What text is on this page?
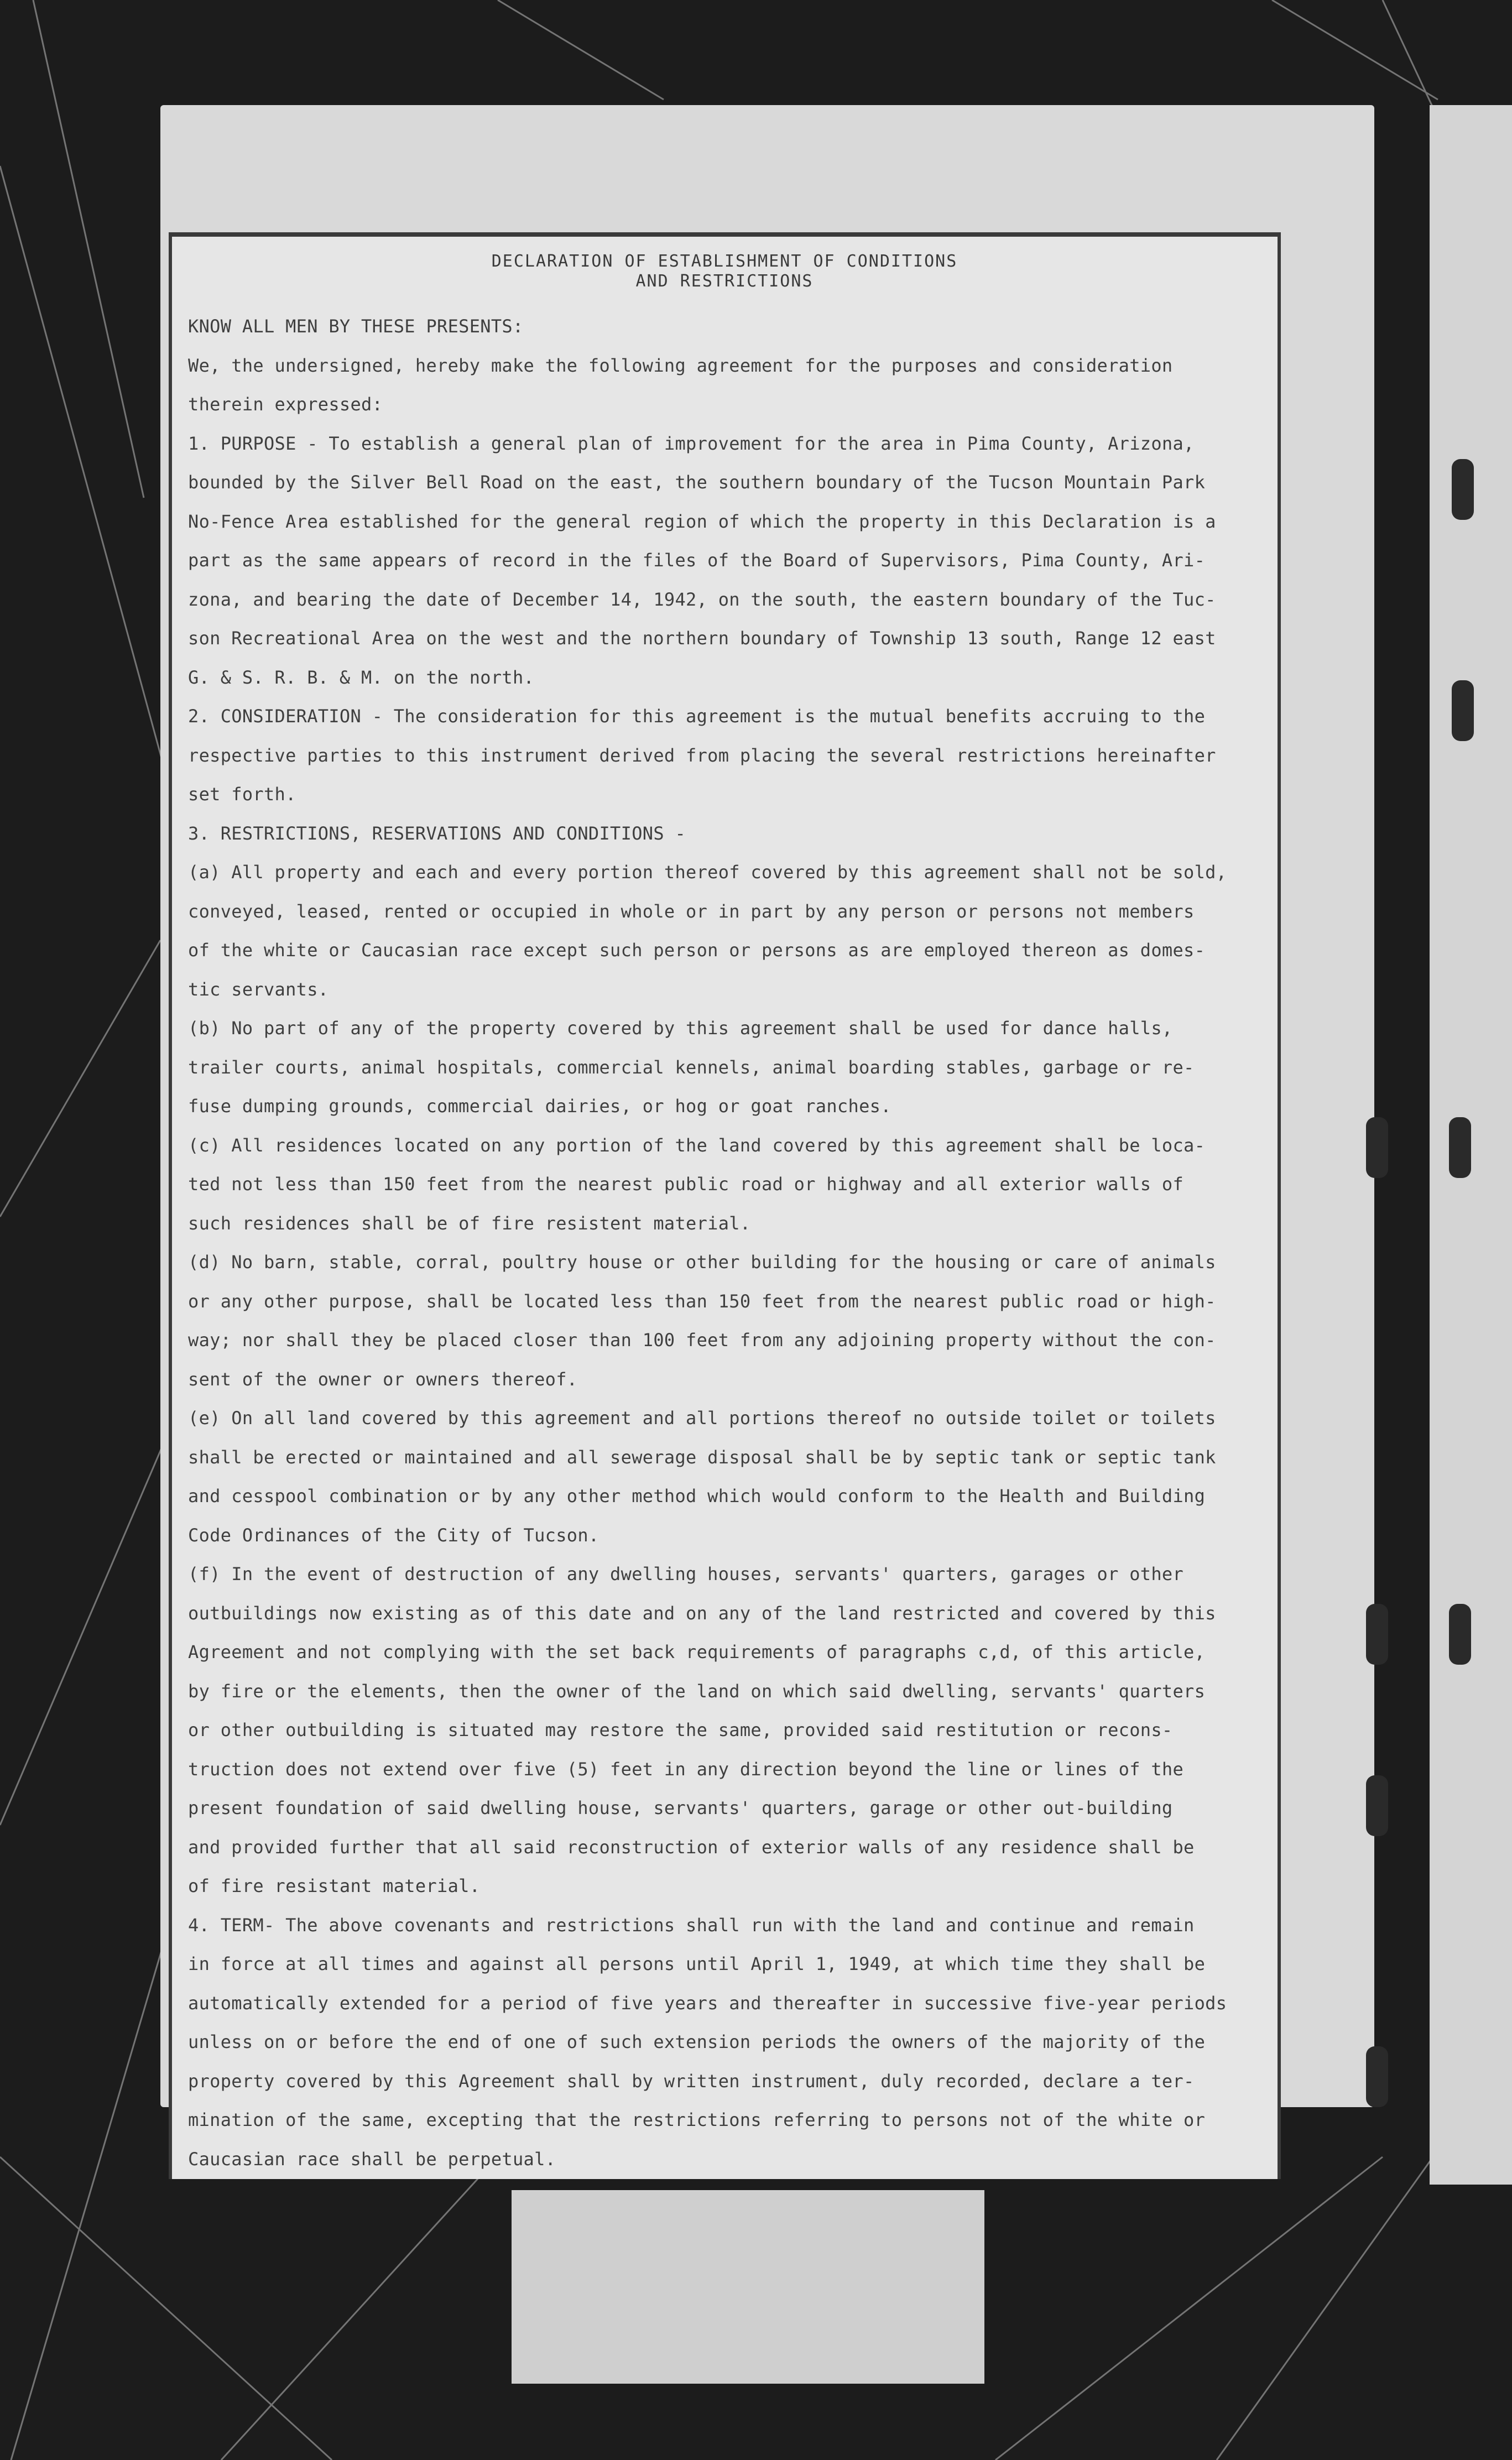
DECLARATION OF ESTABLISHMENT OF CONDITIONS
AND RESTRICTIONS
KNOW ALL MEN BY THESE PRESENTS:
We, the undersigned, hereby make the following agreement for the purposes and consideration
therein expressed:
1. PURPOSE - To establish a general plan of improvement for the area in Pima County, Arizona,
bounded by the Silver Bell Road on the east, the southern boundary of the Tucson Mountain Park
No-Fence Area established for the general region of which the property in this Declaration is a
part as the same appears of record in the files of the Board of Supervisors, Pima County, Ari-
zona, and bearing the date of December 14, 1942, on the south, the eastern boundary of the Tuc-
son Recreational Area on the west and the northern boundary of Township 13 south, Range 12 east
G. & S. R. B. & M. on the north.
2. CONSIDERATION - The consideration for this agreement is the mutual benefits accruing to the
respective parties to this instrument derived from placing the several restrictions hereinafter
set forth.
3. RESTRICTIONS, RESERVATIONS AND CONDITIONS -
(a) All property and each and every portion thereof covered by this agreement shall not be sold,
conveyed, leased, rented or occupied in whole or in part by any person or persons not members
of the white or Caucasian race except such person or persons as are employed thereon as domes-
tic servants.
(b) No part of any of the property covered by this agreement shall be used for dance halls,
trailer courts, animal hospitals, commercial kennels, animal boarding stables, garbage or re-
fuse dumping grounds, commercial dairies, or hog or goat ranches.
(c) All residences located on any portion of the land covered by this agreement shall be loca-
ted not less than 150 feet from the nearest public road or highway and all exterior walls of
such residences shall be of fire resistent material.
(d) No barn, stable, corral, poultry house or other building for the housing or care of animals
or any other purpose, shall be located less than 150 feet from the nearest public road or high-
way; nor shall they be placed closer than 100 feet from any adjoining property without the con-
sent of the owner or owners thereof.
(e) On all land covered by this agreement and all portions thereof no outside toilet or toilets
shall be erected or maintained and all sewerage disposal shall be by septic tank or septic tank
and cesspool combination or by any other method which would conform to the Health and Building
Code Ordinances of the City of Tucson.
(f) In the event of destruction of any dwelling houses, servants' quarters, garages or other
outbuildings now existing as of this date and on any of the land restricted and covered by this
Agreement and not complying with the set back requirements of paragraphs c,d, of this article,
by fire or the elements, then the owner of the land on which said dwelling, servants' quarters
or other outbuilding is situated may restore the same, provided said restitution or recons-
truction does not extend over five (5) feet in any direction beyond the line or lines of the
present foundation of said dwelling house, servants' quarters, garage or other out-building
and provided further that all said reconstruction of exterior walls of any residence shall be
of fire resistant material.
4. TERM- The above covenants and restrictions shall run with the land and continue and remain
in force at all times and against all persons until April 1, 1949, at which time they shall be
automatically extended for a period of five years and thereafter in successive five-year periods
unless on or before the end of one of such extension periods the owners of the majority of the
property covered by this Agreement shall by written instrument, duly recorded, declare a ter-
mination of the same, excepting that the restrictions referring to persons not of the white or
Caucasian race shall be perpetual.
